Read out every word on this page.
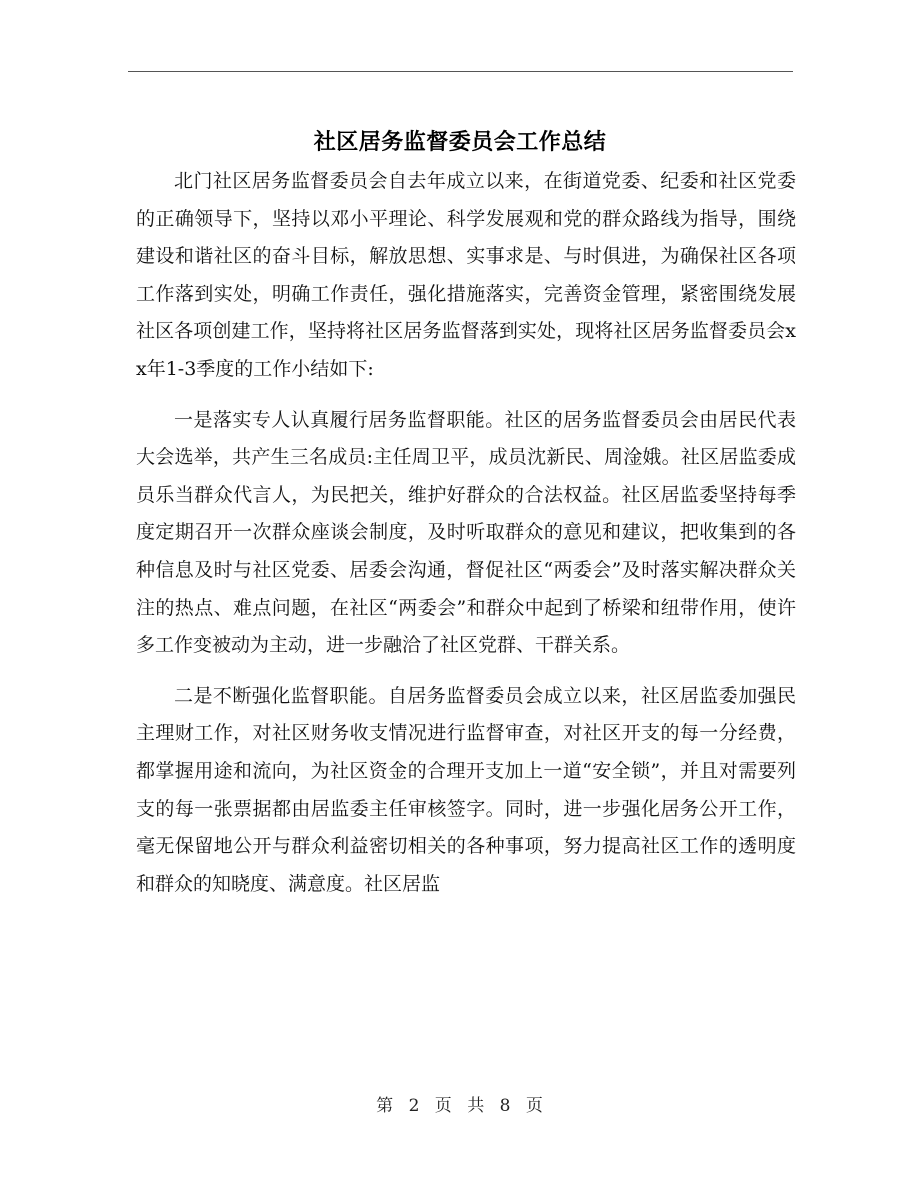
社区居务监督委员会工作总结

北门社区居务监督委员会自去年成立以来，在街道党委、纪委和社区党委的正确领导下，坚持以邓小平理论、科学发展观和党的群众路线为指导，围绕建设和谐社区的奋斗目标，解放思想、实事求是、与时俱进，为确保社区各项工作落到实处，明确工作责任，强化措施落实，完善资金管理，紧密围绕发展社区各项创建工作，坚持将社区居务监督落到实处，现将社区居务监督委员会xx年1-3季度的工作小结如下:

一是落实专人认真履行居务监督职能。社区的居务监督委员会由居民代表大会选举，共产生三名成员:主任周卫平，成员沈新民、周淦娥。社区居监委成员乐当群众代言人，为民把关，维护好群众的合法权益。社区居监委坚持每季度定期召开一次群众座谈会制度，及时听取群众的意见和建议，把收集到的各种信息及时与社区党委、居委会沟通，督促社区“两委会”及时落实解决群众关注的热点、难点问题，在社区“两委会”和群众中起到了桥梁和纽带作用，使许多工作变被动为主动，进一步融洽了社区党群、干群关系。

二是不断强化监督职能。自居务监督委员会成立以来，社区居监委加强民主理财工作，对社区财务收支情况进行监督审查，对社区开支的每一分经费，都掌握用途和流向，为社区资金的合理开支加上一道“安全锁”，并且对需要列支的每一张票据都由居监委主任审核签字。同时，进一步强化居务公开工作，毫无保留地公开与群众利益密切相关的各种事项，努力提高社区工作的透明度和群众的知晓度、满意度。社区居监

第 2 页 共 8 页
